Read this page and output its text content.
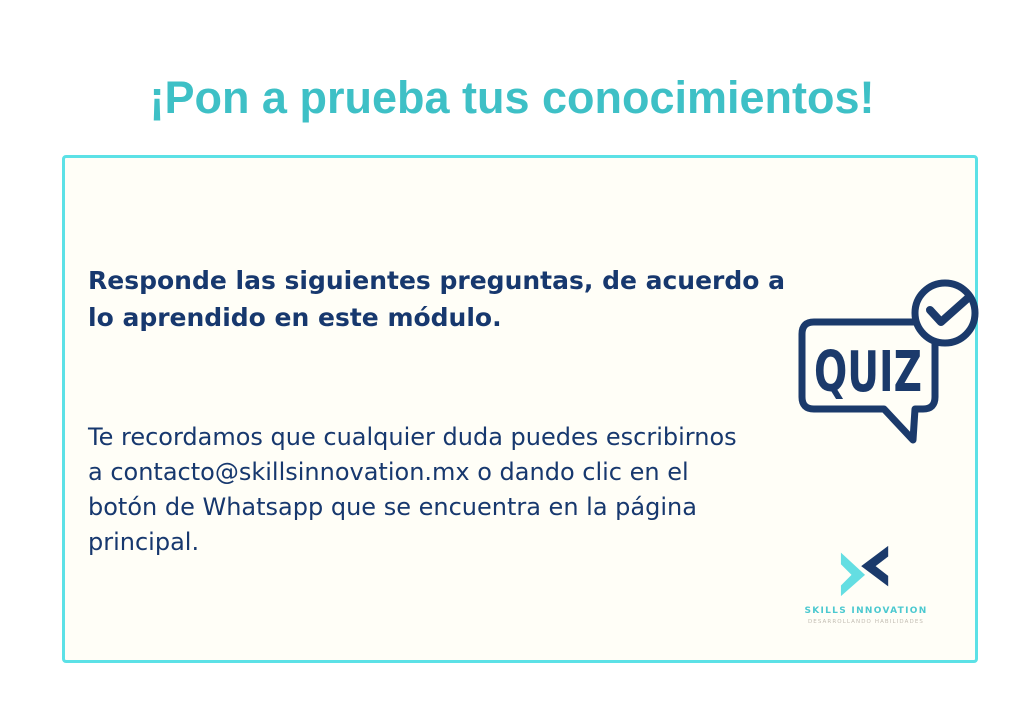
¡Pon a prueba tus conocimientos!

Responde las siguientes preguntas, de acuerdo a
lo aprendido en este módulo.

Te recordamos que cualquier duda puedes escribirnos
a contacto@skillsinnovation.mx o dando clic en el
botón de Whatsapp que se encuentra en la página
principal.

QUIZ
SKILLS INNOVATION
DESARROLLANDO HABILIDADES
